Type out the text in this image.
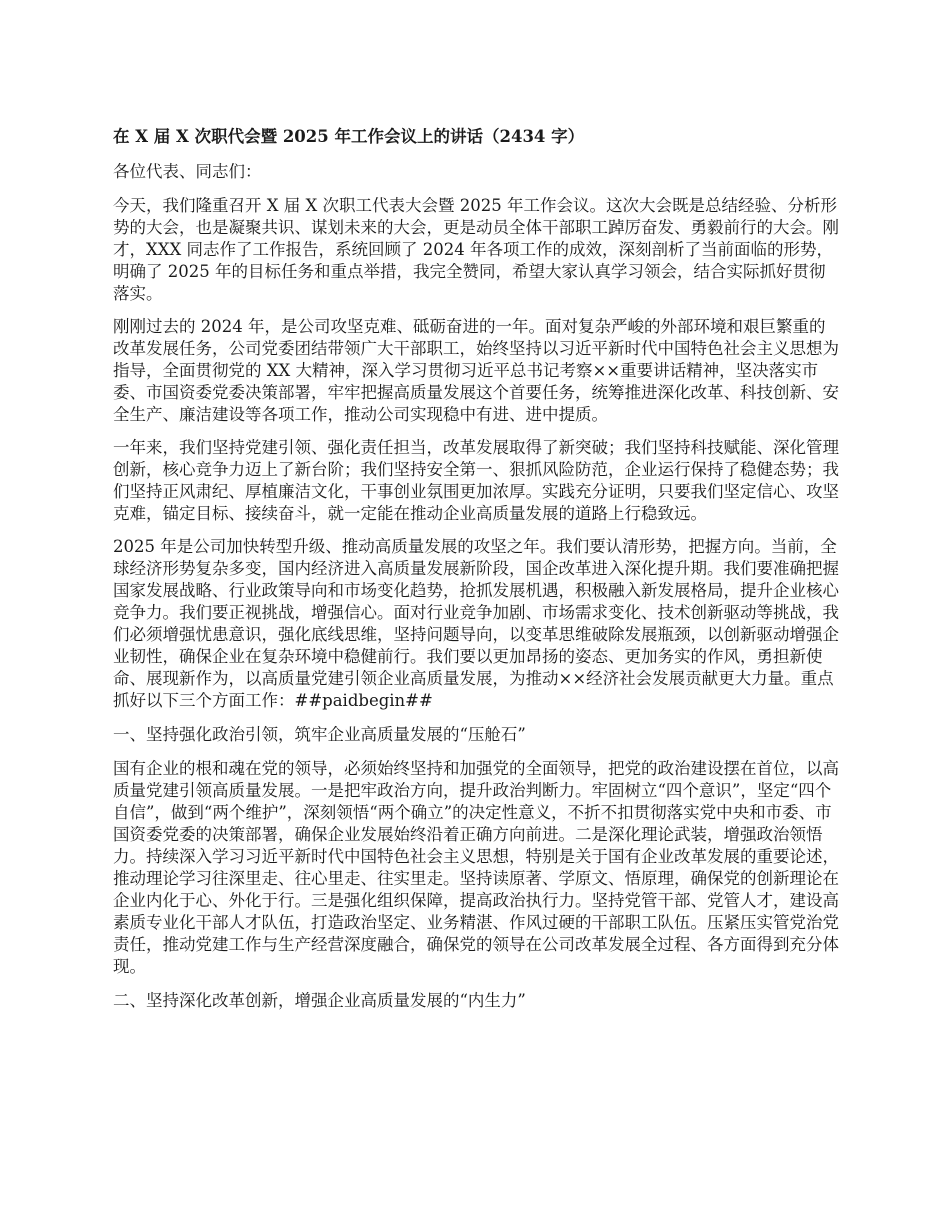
在 X 届 X 次职代会暨 2025 年工作会议上的讲话（2434 字）
各位代表、同志们：
今天，我们隆重召开 X 届 X 次职工代表大会暨 2025 年工作会议。这次大会既是总结经验、分析形势的大会，也是凝聚共识、谋划未来的大会，更是动员全体干部职工踔厉奋发、勇毅前行的大会。刚才，XXX 同志作了工作报告，系统回顾了 2024 年各项工作的成效，深刻剖析了当前面临的形势，明确了 2025 年的目标任务和重点举措，我完全赞同，希望大家认真学习领会，结合实际抓好贯彻落实。
刚刚过去的 2024 年，是公司攻坚克难、砥砺奋进的一年。面对复杂严峻的外部环境和艰巨繁重的改革发展任务，公司党委团结带领广大干部职工，始终坚持以习近平新时代中国特色社会主义思想为指导，全面贯彻党的 XX 大精神，深入学习贯彻习近平总书记考察××重要讲话精神，坚决落实市委、市国资委党委决策部署，牢牢把握高质量发展这个首要任务，统筹推进深化改革、科技创新、安全生产、廉洁建设等各项工作，推动公司实现稳中有进、进中提质。
一年来，我们坚持党建引领、强化责任担当，改革发展取得了新突破；我们坚持科技赋能、深化管理创新，核心竞争力迈上了新台阶；我们坚持安全第一、狠抓风险防范，企业运行保持了稳健态势；我们坚持正风肃纪、厚植廉洁文化，干事创业氛围更加浓厚。实践充分证明，只要我们坚定信心、攻坚克难，锚定目标、接续奋斗，就一定能在推动企业高质量发展的道路上行稳致远。
2025 年是公司加快转型升级、推动高质量发展的攻坚之年。我们要认清形势，把握方向。当前，全球经济形势复杂多变，国内经济进入高质量发展新阶段，国企改革进入深化提升期。我们要准确把握国家发展战略、行业政策导向和市场变化趋势，抢抓发展机遇，积极融入新发展格局，提升企业核心竞争力。我们要正视挑战，增强信心。面对行业竞争加剧、市场需求变化、技术创新驱动等挑战，我们必须增强忧患意识，强化底线思维，坚持问题导向，以变革思维破除发展瓶颈，以创新驱动增强企业韧性，确保企业在复杂环境中稳健前行。我们要以更加昂扬的姿态、更加务实的作风，勇担新使命、展现新作为，以高质量党建引领企业高质量发展，为推动××经济社会发展贡献更大力量。重点抓好以下三个方面工作：##paidbegin##
一、坚持强化政治引领，筑牢企业高质量发展的“压舱石”
国有企业的根和魂在党的领导，必须始终坚持和加强党的全面领导，把党的政治建设摆在首位，以高质量党建引领高质量发展。一是把牢政治方向，提升政治判断力。牢固树立“四个意识”，坚定“四个自信”，做到“两个维护”，深刻领悟“两个确立”的决定性意义，不折不扣贯彻落实党中央和市委、市国资委党委的决策部署，确保企业发展始终沿着正确方向前进。二是深化理论武装，增强政治领悟力。持续深入学习习近平新时代中国特色社会主义思想，特别是关于国有企业改革发展的重要论述，推动理论学习往深里走、往心里走、往实里走。坚持读原著、学原文、悟原理，确保党的创新理论在企业内化于心、外化于行。三是强化组织保障，提高政治执行力。坚持党管干部、党管人才，建设高素质专业化干部人才队伍，打造政治坚定、业务精湛、作风过硬的干部职工队伍。压紧压实管党治党责任，推动党建工作与生产经营深度融合，确保党的领导在公司改革发展全过程、各方面得到充分体现。
二、坚持深化改革创新，增强企业高质量发展的“内生力”
